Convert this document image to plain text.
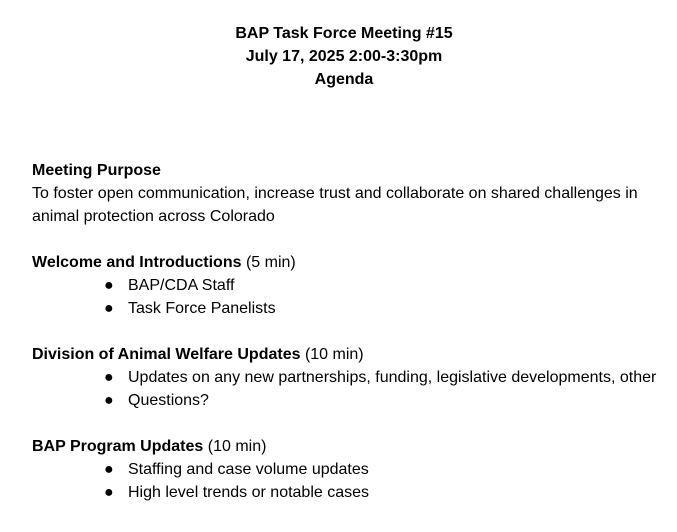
BAP Task Force Meeting #15
July 17, 2025 2:00-3:30pm
Agenda
Meeting Purpose

To foster open communication, increase trust and collaborate on shared challenges in animal protection across Colorado

Welcome and Introductions (5 min)
● BAP/CDA Staff
● Task Force Panelists
Division of Animal Welfare Updates (10 min)
● Updates on any new partnerships, funding, legislative developments, other
● Questions?
BAP Program Updates (10 min)
● Staffing and case volume updates
● High level trends or notable cases
